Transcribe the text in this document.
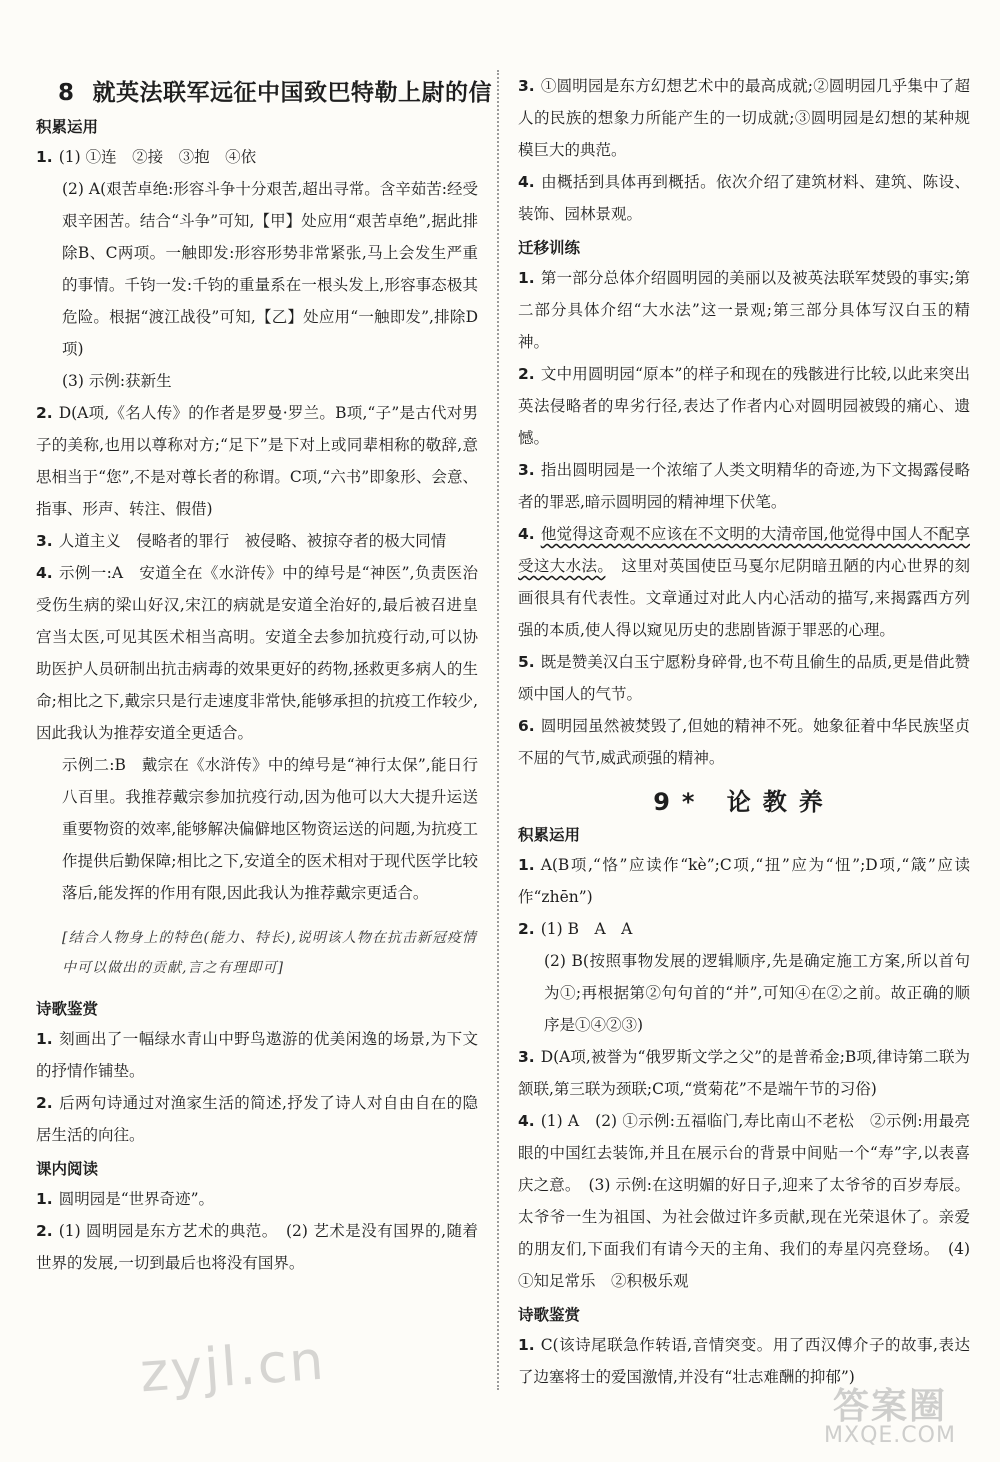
8 就英法联军远征中国致巴特勒上尉的信
积累运用

1. (1) ①连　②接　③抱　④依

(2) A(艰苦卓绝:形容斗争十分艰苦,超出寻常。含辛茹苦:经受艰辛困苦。结合“斗争”可知,【甲】处应用“艰苦卓绝”,据此排除B、C两项。一触即发:形容形势非常紧张,马上会发生严重的事情。千钧一发:千钧的重量系在一根头发上,形容事态极其危险。根据“渡江战役”可知,【乙】处应用“一触即发”,排除D项)

(3) 示例:获新生

2. D(A项,《名人传》的作者是罗曼·罗兰。B项,“子”是古代对男子的美称,也用以尊称对方;“足下”是下对上或同辈相称的敬辞,意思相当于“您”,不是对尊长者的称谓。C项,“六书”即象形、会意、指事、形声、转注、假借)

3. 人道主义　侵略者的罪行　被侵略、被掠夺者的极大同情

4. 示例一:A　安道全在《水浒传》中的绰号是“神医”,负责医治受伤生病的梁山好汉,宋江的病就是安道全治好的,最后被召进皇宫当太医,可见其医术相当高明。安道全去参加抗疫行动,可以协助医护人员研制出抗击病毒的效果更好的药物,拯救更多病人的生命;相比之下,戴宗只是行走速度非常快,能够承担的抗疫工作较少,因此我认为推荐安道全更适合。

示例二:B　戴宗在《水浒传》中的绰号是“神行太保”,能日行八百里。我推荐戴宗参加抗疫行动,因为他可以大大提升运送重要物资的效率,能够解决偏僻地区物资运送的问题,为抗疫工作提供后勤保障;相比之下,安道全的医术相对于现代医学比较落后,能发挥的作用有限,因此我认为推荐戴宗更适合。

[结合人物身上的特色(能力、特长),说明该人物在抗击新冠疫情中可以做出的贡献,言之有理即可]

诗歌鉴赏

1. 刻画出了一幅绿水青山中野鸟遨游的优美闲逸的场景,为下文的抒情作铺垫。

2. 后两句诗通过对渔家生活的简述,抒发了诗人对自由自在的隐居生活的向往。

课内阅读

1. 圆明园是“世界奇迹”。

2. (1) 圆明园是东方艺术的典范。　(2) 艺术是没有国界的,随着世界的发展,一切到最后也将没有国界。

3. ①圆明园是东方幻想艺术中的最高成就;②圆明园几乎集中了超人的民族的想象力所能产生的一切成就;③圆明园是幻想的某种规模巨大的典范。

4. 由概括到具体再到概括。依次介绍了建筑材料、建筑、陈设、装饰、园林景观。

迁移训练

1. 第一部分总体介绍圆明园的美丽以及被英法联军焚毁的事实;第二部分具体介绍“大水法”这一景观;第三部分具体写汉白玉的精神。

2. 文中用圆明园“原本”的样子和现在的残骸进行比较,以此来突出英法侵略者的卑劣行径,表达了作者内心对圆明园被毁的痛心、遗憾。

3. 指出圆明园是一个浓缩了人类文明精华的奇迹,为下文揭露侵略者的罪恶,暗示圆明园的精神埋下伏笔。

4. 他觉得这奇观不应该在不文明的大清帝国,他觉得中国人不配享受这大水法。　这里对英国使臣马戛尔尼阴暗丑陋的内心世界的刻画很具有代表性。文章通过对此人内心活动的描写,来揭露西方列强的本质,使人得以窥见历史的悲剧皆源于罪恶的心理。

5. 既是赞美汉白玉宁愿粉身碎骨,也不苟且偷生的品质,更是借此赞颂中国人的气节。

6. 圆明园虽然被焚毁了,但她的精神不死。她象征着中华民族坚贞不屈的气节,威武顽强的精神。

9* 论教养
积累运用

1. A(B项,“恪”应读作“kè”;C项,“扭”应为“忸”;D项,“箴”应读作“zhēn”)

2. (1) B　A　A

(2) B(按照事物发展的逻辑顺序,先是确定施工方案,所以首句为①;再根据第②句句首的“并”,可知④在②之前。故正确的顺序是①④②③)

3. D(A项,被誉为“俄罗斯文学之父”的是普希金;B项,律诗第二联为颔联,第三联为颈联;C项,“赏菊花”不是端午节的习俗)

4. (1) A　(2) ①示例:五福临门,寿比南山不老松　②示例:用最亮眼的中国红去装饰,并且在展示台的背景中间贴一个“寿”字,以表喜庆之意。　(3) 示例:在这明媚的好日子,迎来了太爷爷的百岁寿辰。太爷爷一生为祖国、为社会做过许多贡献,现在光荣退休了。亲爱的朋友们,下面我们有请今天的主角、我们的寿星闪亮登场。　(4) ①知足常乐　②积极乐观

诗歌鉴赏

1. C(该诗尾联急作转语,音情突变。用了西汉傅介子的故事,表达了边塞将士的爱国激情,并没有“壮志难酬的抑郁”)

zyjl.cn
答案圈
MXQE.COM
